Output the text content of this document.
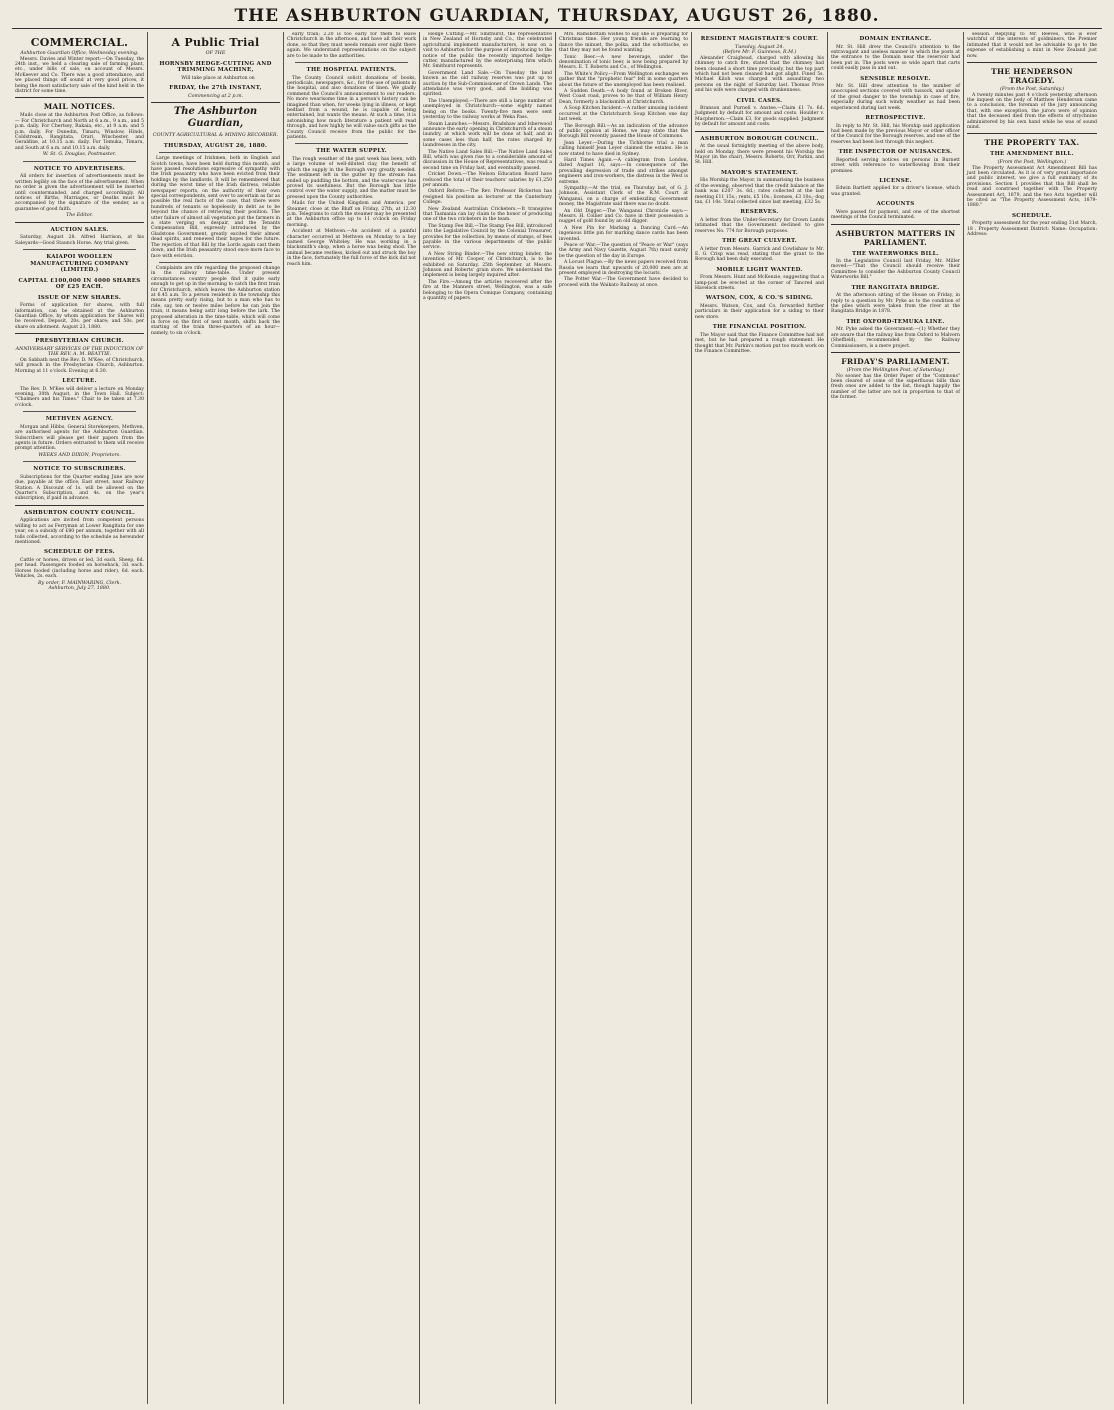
THE ASHBURTON GUARDIAN, THURSDAY, AUGUST 26, 1880.
COMMERCIAL.
Ashburton Guardian Office, Wednesday evening.

Messrs. Davies and Winter report:—On Tuesday, the 24th inst., we held a clearing sale of farming plant, etc., under bills of sale, on account of Messrs. McKeever and Co. There was a good attendance, and we placed things off sound at very good prices, it being the most satisfactory sale of the kind held in the district for some time.

MAIL NOTICES.

Mails close at the Ashburton Post Office, as follows:— For Christchurch and North at 6 a.m., 9 a.m., and 5 p.m. daily. For Chertsey, Rakaia, etc., at 9 a.m. and 5 p.m. daily. For Dunedin, Timaru, Winslow, Hinds, Coldstream, Rangitata, Orari, Winchester, and Geraldine, at 10.15 a.m. daily. For Temuka, Timaru, and South at 6 a.m. and 10.15 a.m. daily.

W. St. G. Douglas, Postmaster.
NOTICE TO ADVERTISERS.

All orders for insertion of advertisements must be written legibly on the face of the advertisement. When no order is given the advertisement will be inserted until countermanded, and charged accordingly. All notices of Births, Marriages, or Deaths must be accompanied by the signature of the sender, as a guarantee of good faith.

The Editor.
AUCTION SALES.

Saturday, August 28. Alfred Harrison, at his Saleyards—Good Staunch Horse. Any trial given.

KAIAPOI WOOLLEN MANUFACTURING COMPANY (LIMITED.)
CAPITAL £100,000 IN 4000 SHARES OF £25 EACH.
ISSUE OF NEW SHARES.

Forms of application for shares, with full information, can be obtained at the Ashburton Guardian Office, by whom application for Shares will be received. Deposit, 20s. per share; and 50s. per share on allotment. August 23, 1880.

PRESBYTERIAN CHURCH.
ANNIVERSARY SERVICES OF THE INDUCTION OF THE REV. A. M. BEATTIE.

On Sabbath next the Rev. D. M'Kee, of Christchurch, will preach in the Presbyterian Church, Ashburton. Morning at 11 o'clock. Evening at 6.30.

LECTURE.

The Rev. D. M'Kee will deliver a lecture on Monday evening, 30th August, in the Town Hall. Subject: "Chalmers and his Times." Chair to be taken at 7.30 o'clock.

METHVEN AGENCY.

Morgan and Hibbs, General Storekeepers, Methven, are authorised agents for the Ashburton Guardian. Subscribers will please get their papers from the agents in future. Orders entrusted to them will receive prompt attention.

WEEKS AND DIXON, Proprietors.
NOTICE TO SUBSCRIBERS.

Subscriptions for the Quarter ending June are now due, payable at the office, East street, near Railway Station. A Discount of 1s. will be allowed on the Quarter's Subscription, and 4s. on the year's subscription, if paid in advance.

ASHBURTON COUNTY COUNCIL.

Applications are invited from competent persons willing to act as Ferryman at Lower Rangitata for one year, on a subsidy of £80 per annum, together with all tolls collected, according to the schedule as hereunder mentioned.

SCHEDULE OF FEES.

Cattle or horses, driven or led, 3d each. Sheep, 6d. per head. Passengers fooded on horseback, 3d. each. Horses fooded (including horse and rider), 6d. each. Vehicles, 2s. each.

By order, F. MAINWARING, Clerk.
Ashburton, July 27, 1880.
A Public Trial
OF THE
HORNSBY HEDGE-CUTTING AND TRIMMING MACHINE,

Will take place at Ashburton on

FRIDAY, the 27th INSTANT,
Commencing at 2 p.m.
The Ashburton Guardian,
COUNTY AGRICULTURAL & MINING RECORDER.
THURSDAY, AUGUST 26, 1880.

Large meetings of Irishmen, both in English and Scotch towns, have been held during this month, and have passed resolutions expressive of sympathy with the Irish peasantry who have been evicted from their holdings by the landlords. It will be remembered that during the worst time of the Irish distress, reliable newspaper reports, on the authority of their own special correspondents, sent over to ascertain as far as possible the real facts of the case, that there were hundreds of tenants so hopelessly in debt as to be beyond the chance of retrieving their position. The utter failure of almost all vegetation put the farmers in a state verging on despair, and the Tenants Compensation Bill, expressly introduced by the Gladstone Government, greatly excited their almost dead spirits, and renewed their hopes for the future. The rejection of that Bill by the Lords again cast them down, and the Irish peasantry stood once more face to face with eviction.

Complaints are rife regarding the proposed change in the railway time-table. Under present circumstances country people find it quite early enough to get up in the morning to catch the first train for Christchurch, which leaves the Ashburton station at 6.45 a.m. To a person resident in the township this means pretty early rising, but to a man who has to ride, say, ten or twelve miles before he can join the train, it means being astir long before the lark. The proposed alteration in the time-table, which will come in force on the first of next month, shifts back the starting of the train three-quarters of an hour—namely, to six o'clock.

early train; 2.20 is too early for them to leave Christchurch in the afternoon, and have all their work done, so that they must needs remain over night there again. We understand representations on the subject are to be made to the authorities.

THE HOSPITAL PATIENTS.

The County Council solicit donations of books, periodicals, newspapers, &c., for the use of patients in the hospital, and also donations of linen. We gladly commend the Council's announcement to our readers. No more wearisome time in a person's history can be imagined than when, for weeks lying in illness, or kept bedfast from a wound, he is capable of being entertained, but wants the means. At such a time, it is astonishing how much literature a patient will read through, and how highly he will value such gifts as the County Council receive from the public for the patients.

THE WATER SUPPLY.

The rough weather of the past week has been, with a large volume of well-diluted clay, the benefit of which the supply in the Borough very greatly needed. The sediment left in the gutter by the stream has ended up puddling the bottom, and the water-race has proved its usefulness. But the Borough has little control over the water supply, and the matter must be pressed upon the County authorities.

Mails for the United Kingdom and America, per Steamer, close at the Bluff on Friday, 27th, at 12.30 p.m. Telegrams to catch the steamer may be presented at the Ashburton office up to 11 o'clock on Friday morning.

Accident at Methven.—An accident of a painful character occurred at Methven on Monday to a boy named George Whiteley. He was working in a blacksmith's shop, when a horse was being shod. The animal became restless, kicked out and struck the boy in the face, fortunately the full force of the kick did not reach him.

Hedge Cutting.—Mr. Smithurst, the representative in New Zealand of Hornsby and Co., the celebrated agricultural implement manufacturers, is now on a visit to Ashburton for the purpose of introducing to the notice of the public the recently imported hedge-cutter, manufactured by the enterprising firm which Mr. Smithurst represents.

Government Land Sale.—On Tuesday the land known as the old railway reserves was put up to auction by the Sub-Commissioner of Crown Lands. The attendance was very good, and the bidding was spirited.

The Unemployed.—There are still a large number of unemployed in Christchurch—some eighty names being on the books. Twenty-five men were sent yesterday to the railway works at Weka Pass.

Steam Launches.—Messrs. Bradshaw and Isherwood announce the early opening in Christchurch of a steam laundry, at which work will be done at half, and in some cases less than half, the rates charged by laundresses in the city.

The Native Land Sales Bill.—The Native Land Sales Bill, which was given rise to a considerable amount of discussion in the House of Representatives, was read a second time on Friday last, and eventually passed.

Cricket Down.—The Nelson Education Board have reduced the total of their teachers' salaries by £1,250 per annum.

Oxford Reform.—The Rev. Professor Bickerton has resigned his position as lecturer at the Canterbury College.

New Zealand Australian Cricketers.—It transpires that Tasmania can lay claim to the honor of producing one of the two cricketers in the team.

The Stamp Fee Bill.—The Stamp Fee Bill, introduced into the Legislative Council by the Colonial Treasurer, provides for the collection, by means of stamps, of fees payable in the various departments of the public service.

A New String Binder.—The new string binder, the invention of Mr. Cooper, of Christchurch, is to be exhibited on Saturday, 25th September, at Messrs. Johnson and Roberts' grain store. We understand the implement is being largely inquired after.

The Fire.—Among the articles recovered after the fire at the Manners street, Wellington, was a safe belonging to the Opera Comique Company, containing a quantity of papers.

Mrs. Ramsbottam wishes to say she is preparing for Christmas time. Her young friends are learning to dance the minuet, the polka, and the schottische, so that they may not be found wanting.

Tonic Beer.—A new beverage, under the denomination of tonic beer, is now being prepared by Messrs. E. T. Roberts and Co., of Wellington.

The White's Policy.—From Wellington exchanges we gather that the "prophetic fear" felt in some quarters about the future of the unemployed has been realised.

A Sudden Death.—A body found at Broken River, West Coast road, proves to be that of William Henry Dean, formerly a blacksmith at Christchurch.

A Soup Kitchen Incident.—A rather amusing incident occurred at the Christchurch Soup Kitchen one day last week.

The Borough Bill.—As an indication of the advance of public opinion at Home, we may state that the Borough Bill recently passed the House of Commons.

Jean Leyer.—During the Tichborne trial a man calling himself Jean Leyer claimed the estates. He is now stated to have died in Sydney.

Hard Times Again.—A cablegram from London, dated August 16, says:—In consequence of the prevailing depression of trade and strikes amongst engineers and iron-workers, the distress in the West is extreme.

Sympathy.—At the trial, on Thursday last, of G. J. Johnson, Assistant Clerk of the R.M. Court at Wanganui, on a charge of embezzling Government money, the Magistrate said there was no doubt.

An Old Digger.—The Wanganui Chronicle says:—Messrs. H. Collier and Co. have in their possession a nugget of gold found by an old digger.

A New Pin for Marking a Dancing Card.—An ingenious little pin for marking dance cards has been invented.

Peace or War.—The question of "Peace or War" (says the Army and Navy Gazette, August 7th) must surely be the question of the day in Europe.

A Locust Plague.—By the news papers received from Russia we learn that upwards of 20,000 men are at present employed in destroying the locusts.

The Potter War.—The Government have decided to proceed with the Waikato Railway at once.

RESIDENT MAGISTRATE'S COURT.
Tuesday, August 24.
(Before Mr. F. Guinness, R.M.)

Alexander Craighead, charged with allowing his chimney to catch fire, stated that the chimney had been cleaned a short time previously, but the top part which had not been cleaned had got alight. Fined 5s. Michael Kiloh was charged with assaulting two persons on the night of Saturday last. Thomas Price and his wife were charged with drunkenness.

CIVIL CASES.

Branson and Purnell v. Anstee.—Claim £1 7s. 6d. Judgment by default for amount and costs. Houlder v. Macpherson.—Claim £3, for goods supplied. Judgment by default for amount and costs.

ASHBURTON BOROUGH COUNCIL.

At the usual fortnightly meeting of the above body, held on Monday, there were present his Worship the Mayor (in the chair), Messrs. Roberts, Orr, Parkin, and St. Hill.

MAYOR'S STATEMENT.

His Worship the Mayor, in summarising the business of the evening, observed that the credit balance at the bank was £207 3s. 6d.; rates collected at the last meeting £11 15s.; rents, £5 10s.; licenses, £3 10s.; dog tax, £1 10s. Total collected since last meeting, £32 5s.

RESERVES.

A letter from the Under-Secretary for Crown Lands intimated that the Government declined to give reserves No. 774 for Borough purposes.

THE GREAT CULVERT.

A letter from Messrs. Garrick and Cowlishaw to Mr. E. G. Crisp was read, stating that the grant to the Borough had been duly executed.

MOBILE LIGHT WANTED.

From Messrs. Hunt and McKenzie, suggesting that a lamp-post be erected at the corner of Tancred and Havelock streets.

WATSON, COX, & CO.'S SIDING.

Messrs. Watson, Cox, and Co. forwarded further particulars in their application for a siding to their new store.

THE FINANCIAL POSITION.

The Mayor said that the Finance Committee had not met, but he had prepared a rough statement. He thought that Mr. Parkin's motion put too much work on the Finance Committee.

DOMAIN ENTRANCE.

Mr. St. Hill drew the Council's attention to the extravagant and useless manner in which the posts at the entrance to the Domain near the reservoir had been put in. The posts were so wide apart that carts could easily pass in and out.

SENSIBLE RESOLVE.

Mr. St. Hill drew attention to the number of unoccupied sections covered with tussock, and spoke of the great danger to the township in case of fire, especially during such windy weather as had been experienced during last week.

RETROSPECTIVE.

In reply to Mr. St. Hill, his Worship said application had been made by the previous Mayor or other officer of the Council for the Borough reserves, and one of the reserves had been lost through this neglect.

THE INSPECTOR OF NUISANCES.

Reported serving notices on persons in Burnett street with reference to waterflowing from their premises.

LICENSE.

Edwin Bartlett applied for a driver's license, which was granted.

ACCOUNTS

Were passed for payment, and one of the shortest meetings of the Council terminated.

ASHBURTON MATTERS IN PARLIAMENT.
THE WATERWORKS BILL.

In the Legislative Council last Friday, Mr. Miller moved:—"That the Council should receive their Committee to consider the Ashburton County Council Waterworks Bill."

THE RANGITATA BRIDGE.

At the afternoon sitting of the House on Friday, in reply to a question by Mr. Pyke as to the condition of the piles which were taken from the river at the Rangitata Bridge in 1878.

THE OXFORD-TEMUKA LINE.

Mr. Pyke asked the Government:—(1) Whether they are aware that the railway line from Oxford to Malvern (Sheffield), recommended by the Railway Commissioners, is a mere project.

FRIDAY'S PARLIAMENT.
(From the Wellington Post, of Saturday.)

No sooner has the Order Paper of the "Commons" been cleared of some of the superfluous bills than fresh ones are added to the list, though happily the number of the latter are not in proportion to that of the former.

session. Replying to Mr. Reeves, who is ever watchful of the interests of goldminers, the Premier intimated that it would not be advisable to go to the expense of establishing a mint in New Zealand just now.

THE HENDERSON TRAGEDY.
(From the Post, Saturday.)

A twenty minutes past 4 o'clock yesterday afternoon the inquest on the body of Matthew Henderson came to a conclusion, the foreman of the jury announcing that, with one exception, the jurors were of opinion that the deceased died from the effects of strychnine administered by his own hand while he was of sound mind.

THE PROPERTY TAX.
THE AMENDMENT BILL.
(From the Post, Wellington.)

The Property Assessment Act Amendment Bill has just been circulated. As it is of very great importance and public interest, we give a full summary of its provisions. Section 1 provides that this Bill shall be read and construed together with The Property Assessment Act, 1879, and the two Acts together will be cited as "The Property Assessment Acts, 1879-1880."

SCHEDULE.

Property assessment for the year ending 31st March, 18 . Property Assessment District: Name: Occupation: Address:
